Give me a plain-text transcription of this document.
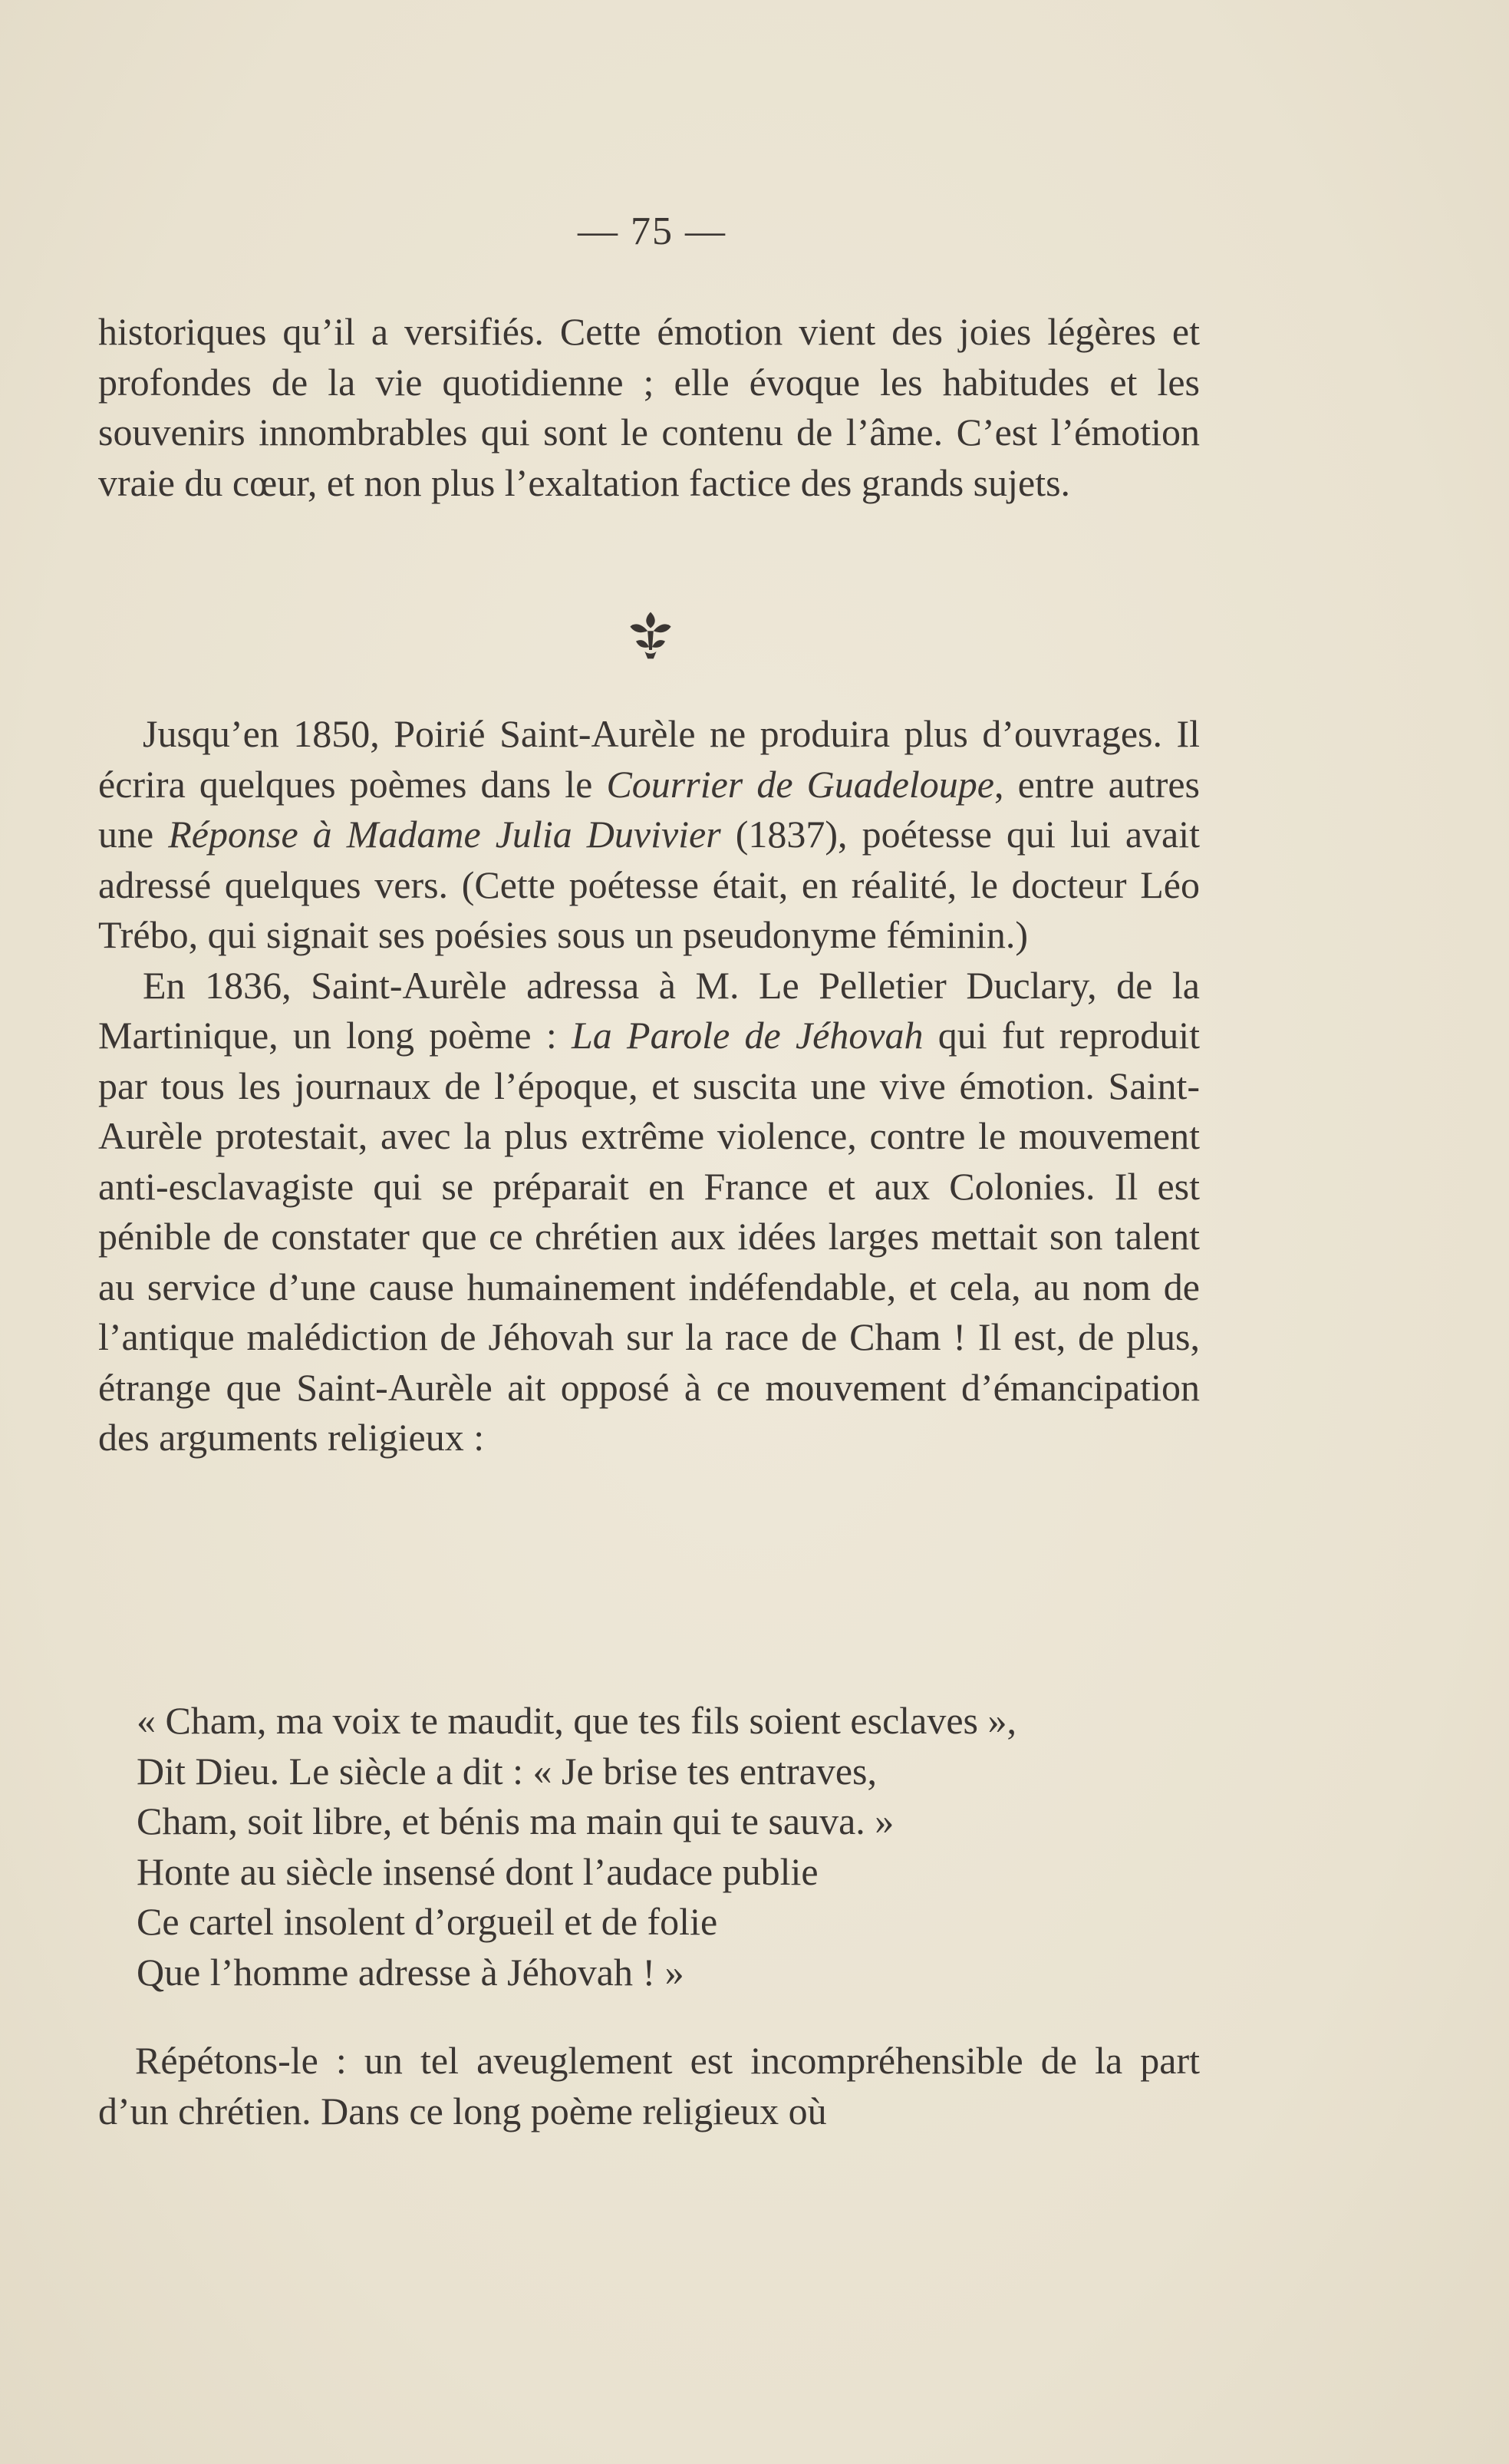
— 75 —

historiques qu’il a versifiés. Cette émotion vient des joies légères et profondes de la vie quotidienne ; elle évoque les habitudes et les souvenirs innombrables qui sont le contenu de l’âme. C’est l’émotion vraie du cœur, et non plus l’exaltation factice des grands sujets.

Jusqu’en 1850, Poirié Saint-Aurèle ne produira plus d’ouvrages. Il écrira quelques poèmes dans le Courrier de Guadeloupe, entre autres une Réponse à Madame Julia Duvivier (1837), poétesse qui lui avait adressé quelques vers. (Cette poétesse était, en réalité, le docteur Léo Trébo, qui signait ses poésies sous un pseudonyme féminin.)

En 1836, Saint-Aurèle adressa à M. Le Pelletier Duclary, de la Martinique, un long poème : La Parole de Jéhovah qui fut reproduit par tous les journaux de l’époque, et suscita une vive émotion. Saint-Aurèle protestait, avec la plus extrême violence, contre le mouvement anti-esclavagiste qui se préparait en France et aux Colonies. Il est pénible de constater que ce chrétien aux idées larges mettait son talent au service d’une cause humainement indéfendable, et cela, au nom de l’antique malédiction de Jéhovah sur la race de Cham ! Il est, de plus, étrange que Saint-Aurèle ait opposé à ce mouvement d’émancipation des arguments religieux :

« Cham, ma voix te maudit, que tes fils soient esclaves »,
Dit Dieu. Le siècle a dit : « Je brise tes entraves,
Cham, soit libre, et bénis ma main qui te sauva. »
Honte au siècle insensé dont l’audace publie
Ce cartel insolent d’orgueil et de folie
Que l’homme adresse à Jéhovah ! »

Répétons-le : un tel aveuglement est incompréhensible de la part d’un chrétien. Dans ce long poème religieux où
